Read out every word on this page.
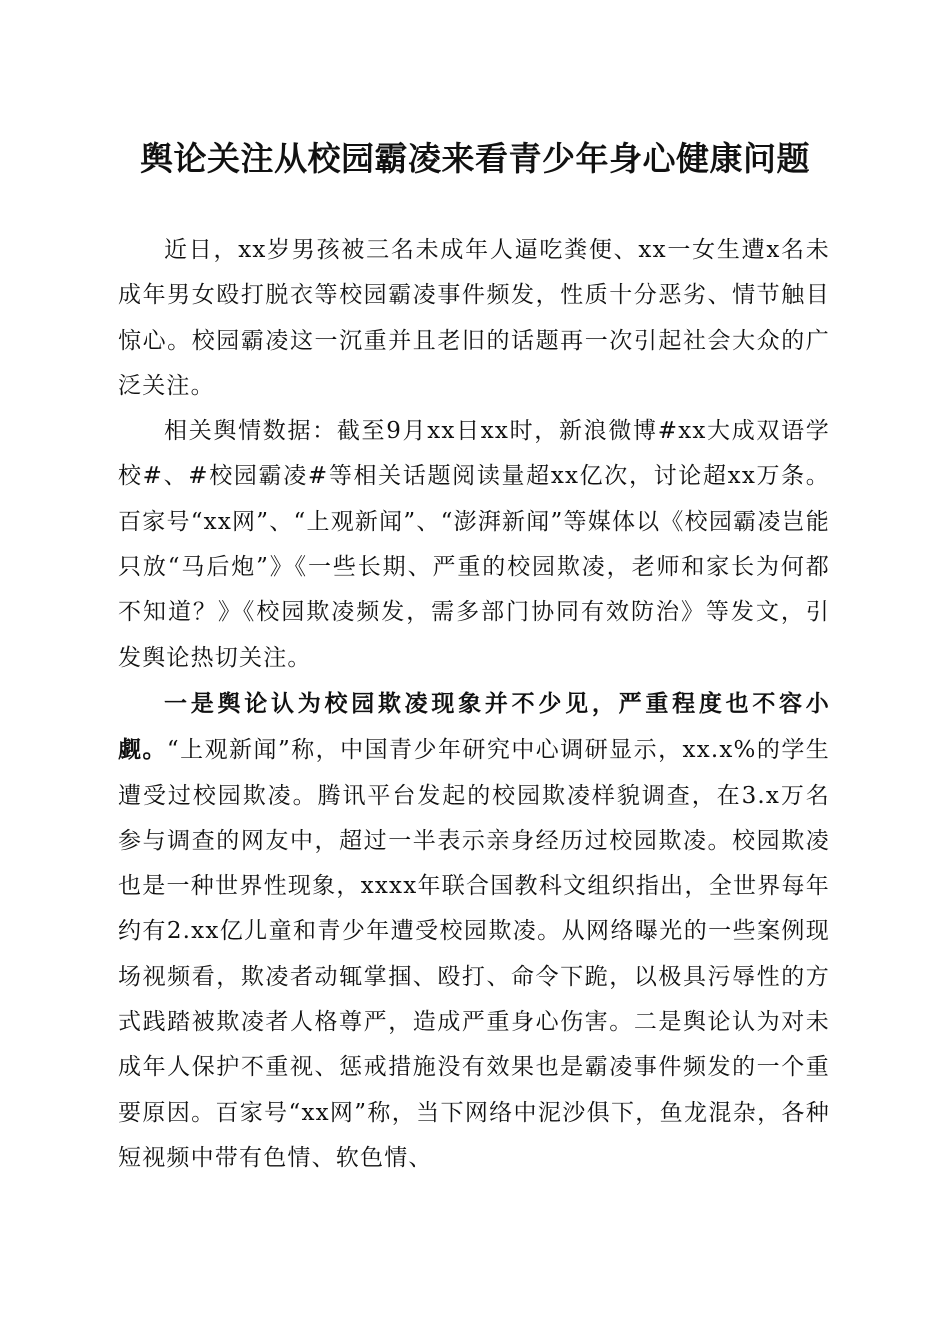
舆论关注从校园霸凌来看青少年身心健康问题

近日，xx岁男孩被三名未成年人逼吃粪便、xx一女生遭x名未成年男女殴打脱衣等校园霸凌事件频发，性质十分恶劣、情节触目惊心。校园霸凌这一沉重并且老旧的话题再一次引起社会大众的广泛关注。

相关舆情数据：截至9月xx日xx时，新浪微博#xx大成双语学校#、#校园霸凌#等相关话题阅读量超xx亿次，讨论超xx万条。百家号“xx网”、“上观新闻”、“澎湃新闻”等媒体以《校园霸凌岂能只放“马后炮”》《一些长期、严重的校园欺凌，老师和家长为何都不知道？》《校园欺凌频发，需多部门协同有效防治》等发文，引发舆论热切关注。

一是舆论认为校园欺凌现象并不少见，严重程度也不容小觑。“上观新闻”称，中国青少年研究中心调研显示，xx.x%的学生遭受过校园欺凌。腾讯平台发起的校园欺凌样貌调查，在3.x万名参与调查的网友中，超过一半表示亲身经历过校园欺凌。校园欺凌也是一种世界性现象，xxxx年联合国教科文组织指出，全世界每年约有2.xx亿儿童和青少年遭受校园欺凌。从网络曝光的一些案例现场视频看，欺凌者动辄掌掴、殴打、命令下跪，以极具污辱性的方式践踏被欺凌者人格尊严，造成严重身心伤害。二是舆论认为对未成年人保护不重视、惩戒措施没有效果也是霸凌事件频发的一个重要原因。百家号“xx网”称，当下网络中泥沙俱下，鱼龙混杂，各种短视频中带有色情、软色情、
